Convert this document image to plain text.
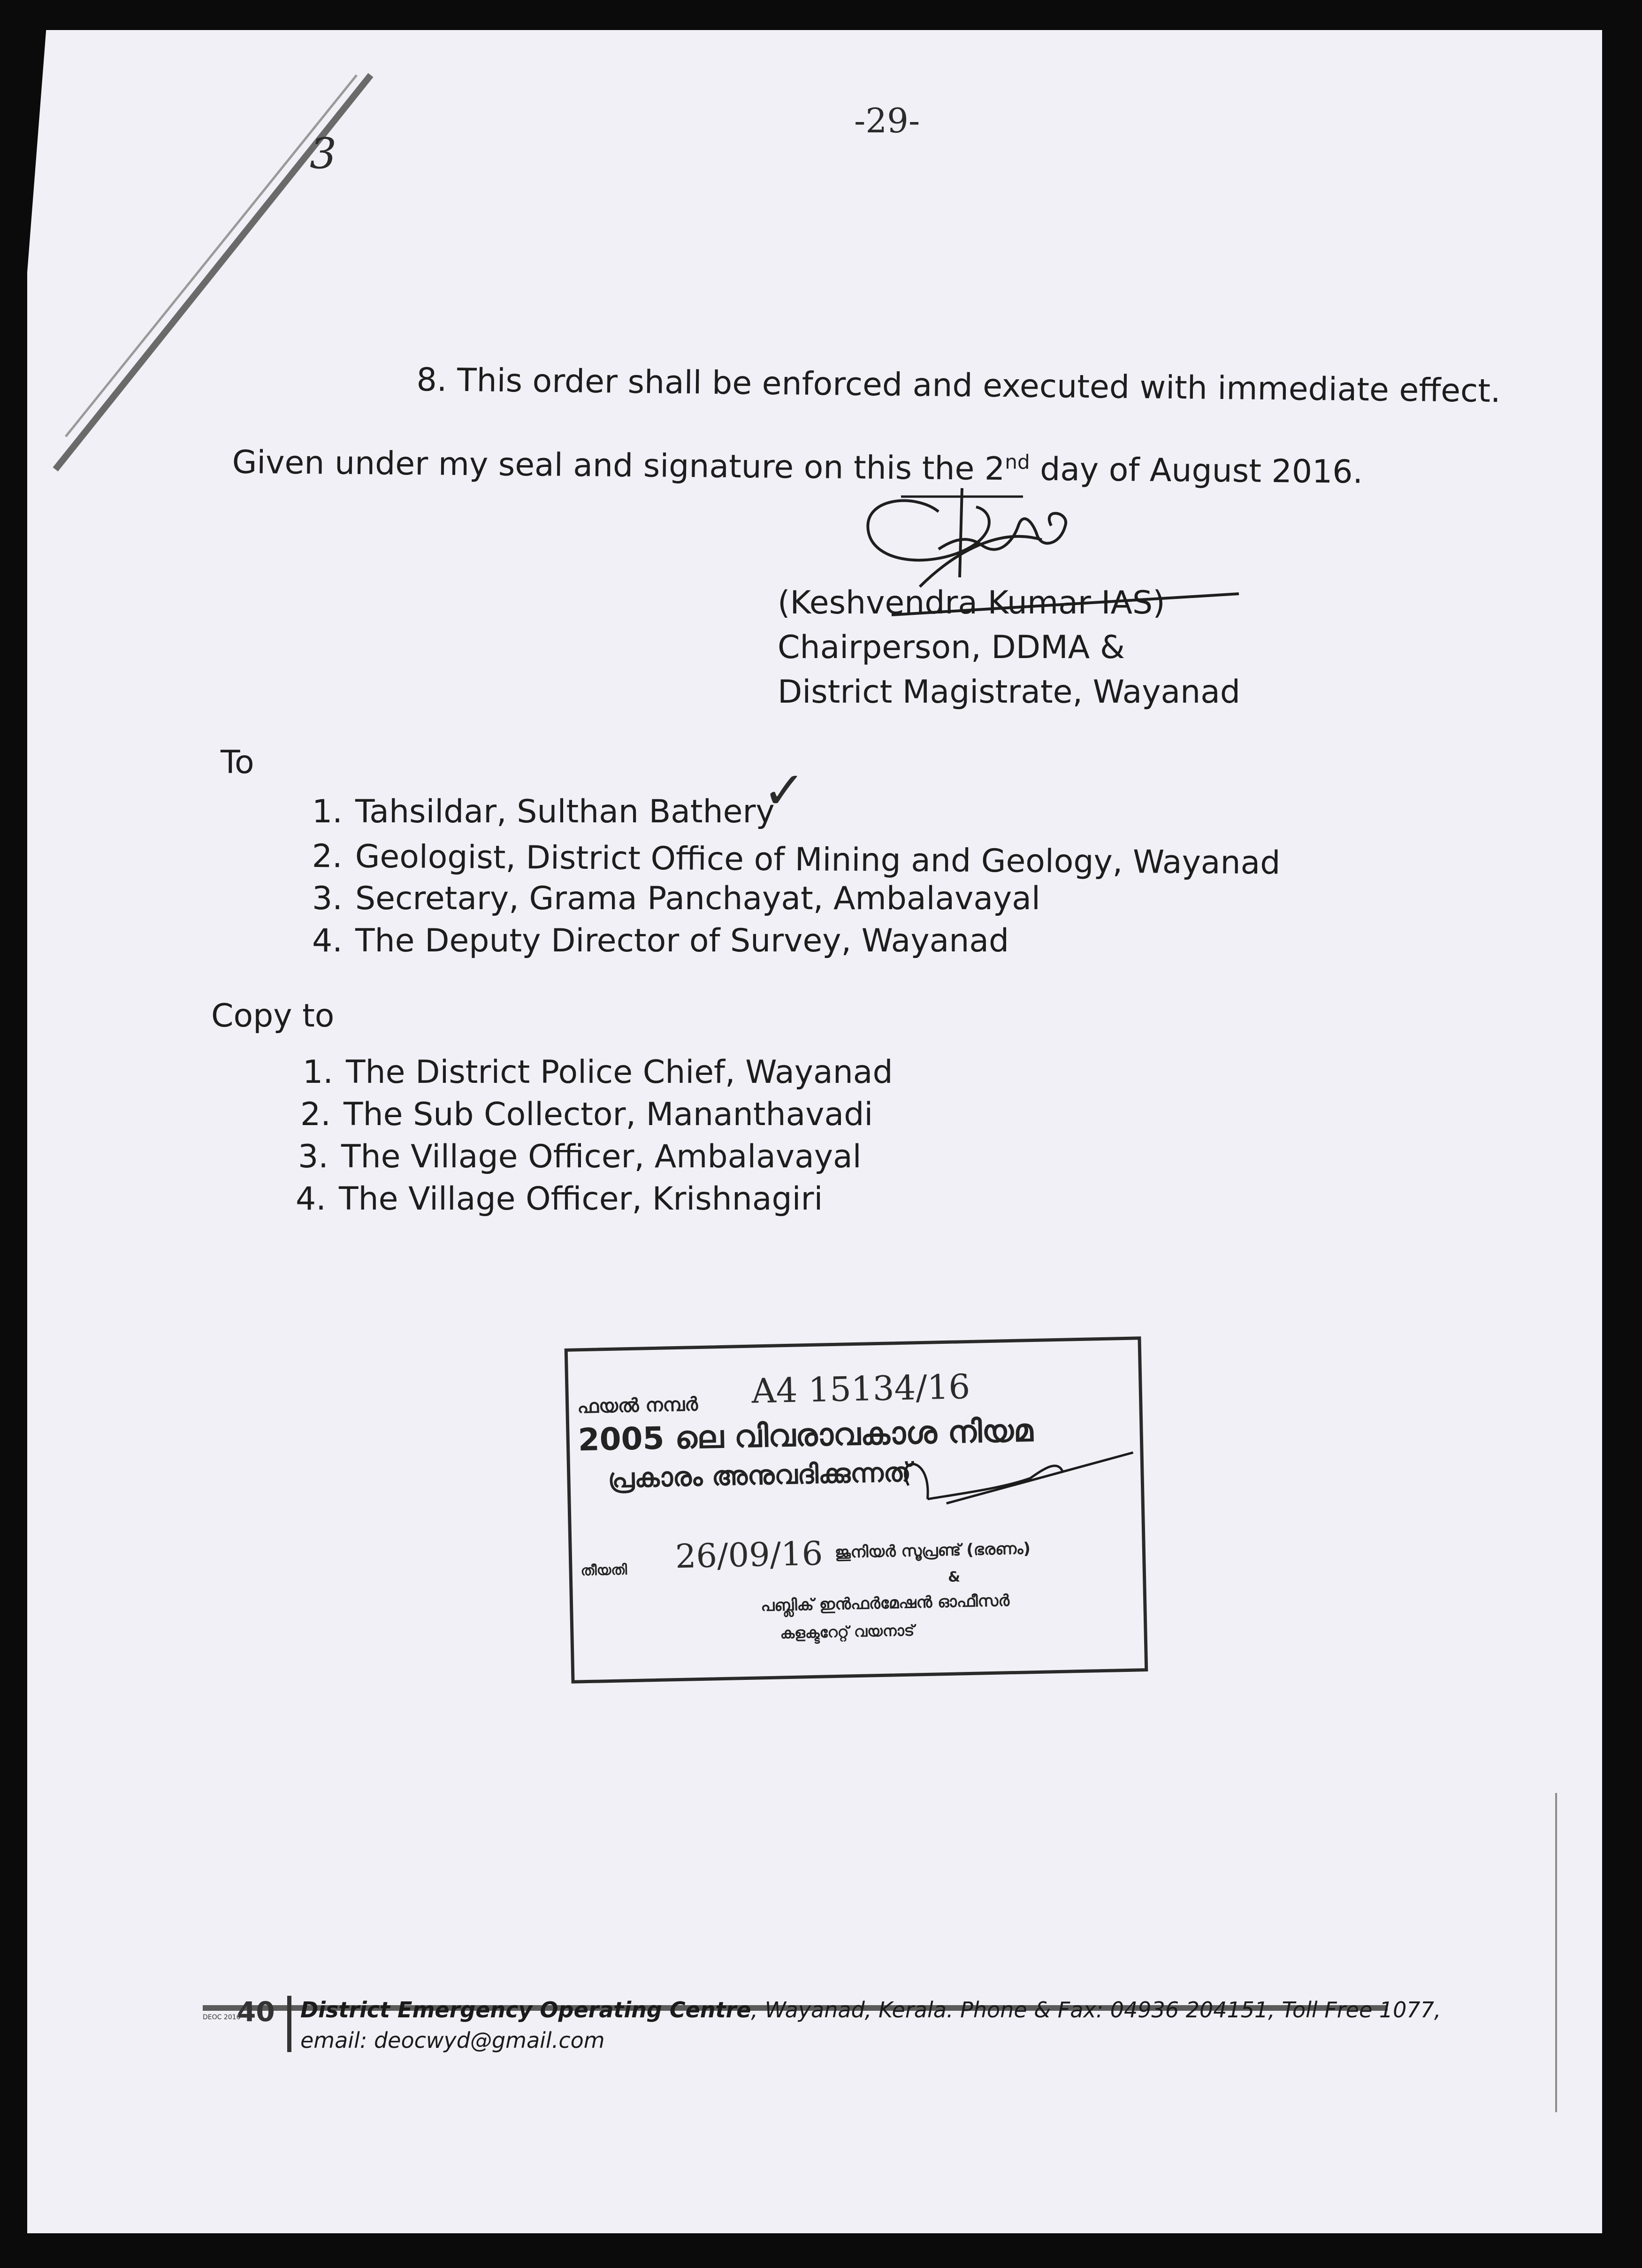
-29-
3
8. This order shall be enforced and executed with immediate effect.
Given under my seal and signature on this the 2nd day of August 2016.
(Keshvendra Kumar IAS)
Chairperson, DDMA &
District Magistrate, Wayanad
To
1. Tahsildar, Sulthan Bathery
2. Geologist, District Office of Mining and Geology, Wayanad
3. Secretary, Grama Panchayat, Ambalavayal
4. The Deputy Director of Survey, Wayanad
✓
Copy to
1. The District Police Chief, Wayanad
2. The Sub Collector, Mananthavadi
3. The Village Officer, Ambalavayal
4. The Village Officer, Krishnagiri
ഫയൽ നമ്പർ A4 15134/16
2005 ലെ വിവരാവകാശ നിയമ
പ്രകാരം അനുവദിക്കുന്നത്
തീയതി 26/09/16 ജൂനിയർ സൂപ്രണ്ട് (ഭരണം)
&
പബ്ലിക് ഇൻഫർമേഷൻ ഓഫീസർ
കളക്ടറേറ്റ് വയനാട്
DEOC 2016
40 District Emergency Operating Centre, Wayanad, Kerala. Phone & Fax: 04936 204151, Toll Free 1077,
email: deocwyd@gmail.com
